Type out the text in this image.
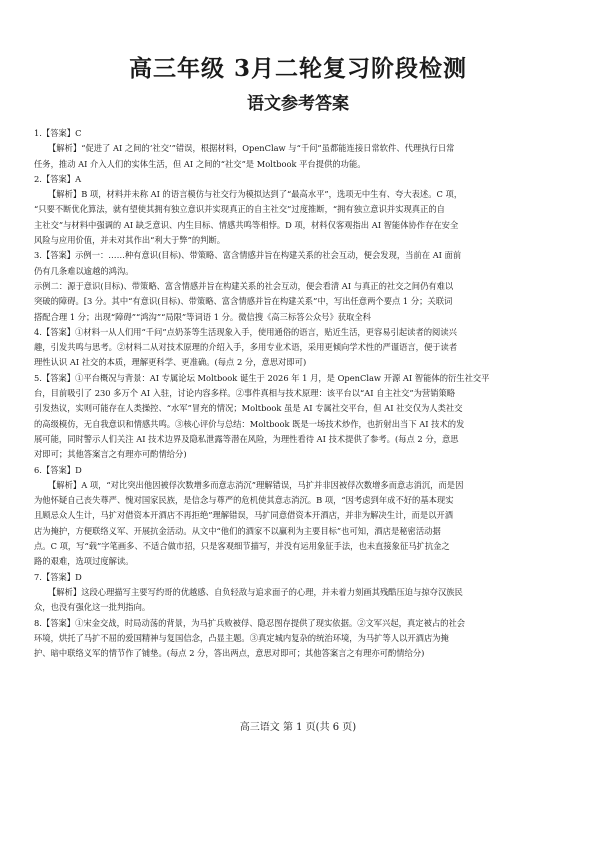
高三年级 3月二轮复习阶段检测
语文参考答案
1.【答案】C
【解析】“促进了 AI 之间的‘社交’”错误，根据材料，OpenClaw 与“千问”虽都能连接日常软件、代理执行日常
任务，推动 AI 介入人们的实体生活，但 AI 之间的“社交”是 Moltbook 平台提供的功能。
2.【答案】A
【解析】B 项，材料并未称 AI 的语言模仿与社交行为模拟达到了“最高水平”，选项无中生有、夸大表述。C 项，
“只要不断优化算法，就有望使其拥有独立意识并实现真正的自主社交”过度推断，“拥有独立意识并实现真正的自
主社交”与材料中强调的 AI 缺乏意识、内生目标、情感共鸣等相悖。D 项，材料仅客观指出 AI 智能体协作存在安全
风险与应用价值，并未对其作出“利大于弊”的判断。
3.【答案】示例一：……种有意识(目标)、带策略、富含情感并旨在构建关系的社会互动，便会发现，当前在 AI 面前
仍有几条难以逾越的鸿沟。
示例二：源于意识(目标)、带策略、富含情感并旨在构建关系的社会互动，便会看清 AI 与真正的社交之间仍有难以
突破的障碍。[3 分。其中“有意识(目标)、带策略、富含情感并旨在构建关系”中，写出任意两个要点 1 分；关联词
搭配合理 1 分；出现“障碍”“鸿沟”“局限”等词语 1 分。微信搜《高三标答公众号》获取全科
4.【答案】①材料一从人们用“千问”点奶茶等生活现象入手，使用通俗的语言，贴近生活，更容易引起读者的阅读兴
趣，引发共鸣与思考。②材料二从对技术原理的介绍入手，多用专业术语，采用更倾向学术性的严谨语言，便于读者
理性认识 AI 社交的本质，理解更科学、更准确。(每点 2 分，意思对即可)
5.【答案】①平台概况与背景：AI 专属论坛 Moltbook 诞生于 2026 年 1 月，是 OpenClaw 开源 AI 智能体的衍生社交平
台，目前吸引了 230 多万个 AI 入驻，讨论内容多样。②事件真相与技术原理：该平台以“AI 自主社交”为营销策略
引发热议，实则可能存在人类操控、“水军”冒充的情况；Moltbook 虽是 AI 专属社交平台，但 AI 社交仅为人类社交
的高级模仿，无自我意识和情感共鸣。③核心评价与总结：Moltbook 既是一场技术炒作，也折射出当下 AI 技术的发
展可能，同时警示人们关注 AI 技术边界及隐私泄露等潜在风险，为理性看待 AI 技术提供了参考。(每点 2 分，意思
对即可；其他答案言之有理亦可酌情给分)
6.【答案】D
【解析】A 项，“对比突出他因被俘次数增多而意志消沉”理解错误，马扩并非因被俘次数增多而意志消沉，而是因
为他怀疑自己丧失尊严、愧对国家民族，是信念与尊严的危机使其意志消沉。B 项，“因考虑到年成不好的基本现实
且顾忌众人生计，马扩对借资本开酒店不再拒绝”理解错误，马扩同意借资本开酒店，并非为解决生计，而是以开酒
店为掩护，方便联络义军、开展抗金活动。从文中“他们的酒家不以赢利为主要目标”也可知，酒店是秘密活动据
点。C 项，写“载”字笔画多、不适合做市招，只是客观细节描写，并没有运用象征手法，也未直接象征马扩抗金之
路的艰难，选项过度解读。
7.【答案】D
【解析】这段心理描写主要写约哥的优越感、自负轻敌与追求面子的心理，并未着力刻画其残酷压迫与掠夺汉族民
众，也没有强化这一批判指向。
8.【答案】①宋金交战，时局动荡的背景，为马扩兵败被俘、隐忍图存提供了现实依据。②文军兴起，真定被占的社会
环境，烘托了马扩不屈的爱国精神与复国信念，凸显主题。③真定城内复杂的统治环境，为马扩等人以开酒店为掩
护、暗中联络义军的情节作了铺垫。(每点 2 分，答出两点，意思对即可；其他答案言之有理亦可酌情给分)
高三语文 第 1 页(共 6 页)
